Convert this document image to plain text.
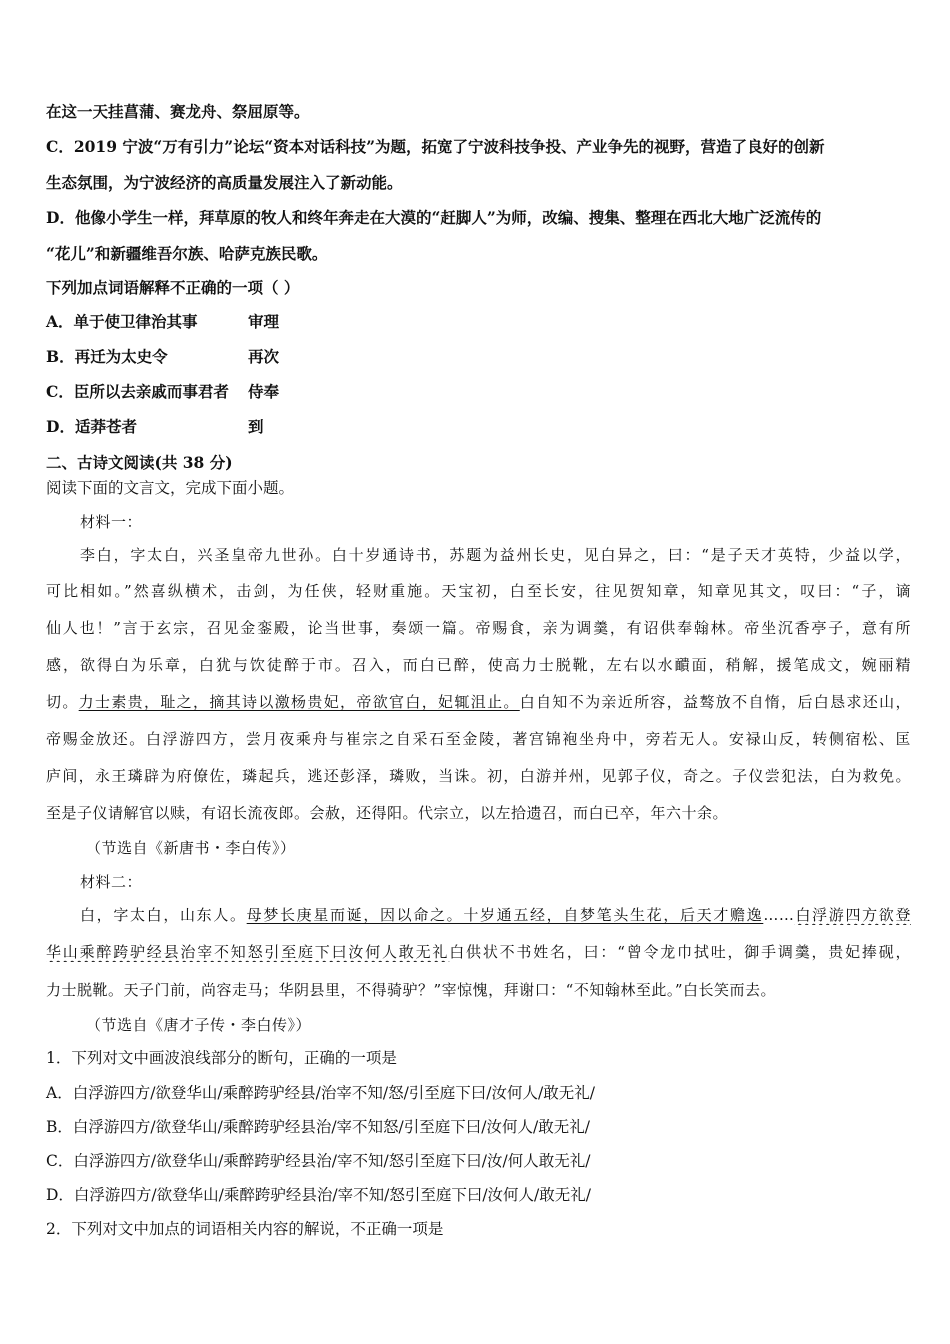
在这一天挂菖蒲、赛龙舟、祭屈原等。
C．2019 宁波“万有引力”论坛“资本对话科技”为题，拓宽了宁波科技争投、产业争先的视野，营造了良好的创新
生态氛围，为宁波经济的高质量发展注入了新动能。
D．他像小学生一样，拜草原的牧人和终年奔走在大漠的“赶脚人”为师，改编、搜集、整理在西北大地广泛流传的
“花儿”和新疆维吾尔族、哈萨克族民歌。
下列加点词语解释不正确的一项（ ）
A．单于使卫律治其事	审理
B．再迁为太史令	再次
C．臣所以去亲戚而事君者 侍奉
D．适莽苍者	到
二、古诗文阅读(共 38 分)
阅读下面的文言文，完成下面小题。
材料一：
李白，字太白，兴圣皇帝九世孙。白十岁通诗书，苏题为益州长史，见白异之，曰：“是子天才英特，少益以学，
可比相如。”然喜纵横术，击剑，为任侠，轻财重施。天宝初，白至长安，往见贺知章，知章见其文，叹曰：“子，谪
仙人也！”言于玄宗，召见金銮殿，论当世事，奏颂一篇。帝赐食，亲为调羹，有诏供奉翰林。帝坐沉香亭子，意有所
感，欲得白为乐章，白犹与饮徒醉于市。召入，而白已醉，使高力士脱靴，左右以水靧面，稍解，援笔成文，婉丽精
切。力士素贵，耻之，摘其诗以激杨贵妃，帝欲官白，妃辄沮止。白自知不为亲近所容，益骜放不自惰，后白恳求还山，
帝赐金放还。白浮游四方，尝月夜乘舟与崔宗之自采石至金陵，著宫锦袍坐舟中，旁若无人。安禄山反，转侧宿松、匡
庐间，永王璘辟为府僚佐，璘起兵，逃还彭泽，璘败，当诛。初，白游并州，见郭子仪，奇之。子仪尝犯法，白为救免。
至是子仪请解官以赎，有诏长流夜郎。会赦，还得阳。代宗立，以左拾遗召，而白已卒，年六十余。
（节选自《新唐书・李白传》）
材料二：
白，字太白，山东人。母梦长庚星而诞，因以命之。十岁通五经，自梦笔头生花，后天才赡逸……白浮游四方欲登
华山乘醉跨驴经县治宰不知怒引至庭下曰汝何人敢无礼白供状不书姓名，曰：“曾令龙巾拭吐，御手调羹，贵妃捧砚，
力士脱靴。天子门前，尚容走马；华阴县里，不得骑驴？”宰惊愧，拜谢口：“不知翰林至此。”白长笑而去。
（节选自《唐才子传・李白传》）
1．下列对文中画波浪线部分的断句，正确的一项是
A．白浮游四方/欲登华山/乘醉跨驴经县/治宰不知/怒/引至庭下曰/汝何人/敢无礼/
B．白浮游四方/欲登华山/乘醉跨驴经县治/宰不知怒/引至庭下曰/汝何人/敢无礼/
C．白浮游四方/欲登华山/乘醉跨驴经县治/宰不知/怒引至庭下曰/汝/何人敢无礼/
D．白浮游四方/欲登华山/乘醉跨驴经县治/宰不知/怒引至庭下曰/汝何人/敢无礼/
2．下列对文中加点的词语相关内容的解说，不正确一项是
